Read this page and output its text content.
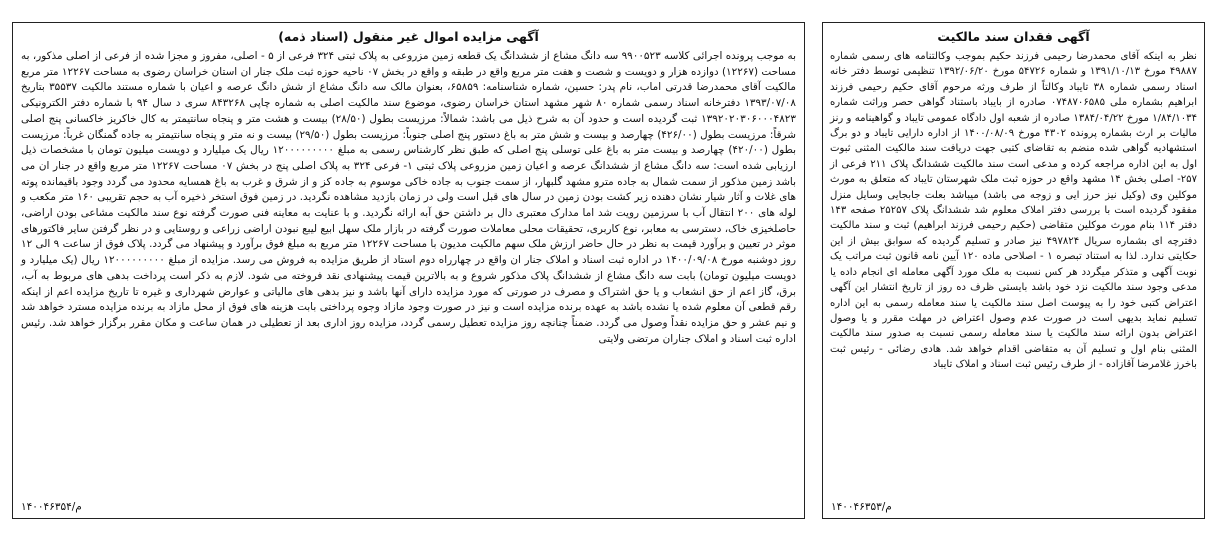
آگهی مزایده اموال غیر منقول (اسناد ذمه)

به موجب پرونده اجرائی کلاسه ۹۹۰۰۵۲۳ سه دانگ مشاع از ششدانگ یک قطعه زمین مزروعی به پلاک ثبتی ۳۲۴ فرعی از ۵ - اصلی، مفروز و مجزا شده از فرعی از اصلی مذکور، به مساحت (۱۲۲۶۷) دوازده هزار و دویست و شصت و هفت متر مربع واقع در طبقه و واقع در بخش ۰۷ ناحیه حوزه ثبت ملک جنار ان استان خراسان رضوی به مساحت ۱۲۲۶۷ متر مربع مالکیت آقای محمدرضا قدرتی اماب، نام پدر: حسین، شماره شناسنامه: ۶۵۸۵۹، بعنوان مالک سه دانگ مشاع از شش دانگ عرصه و اعیان با شماره مستند مالکیت ۳۵۵۳۷ بتاریخ ۱۳۹۳/۰۷/۰۸ دفترخانه اسناد رسمی شماره ۸۰ شهر مشهد استان خراسان رضوی، موضوع سند مالکیت اصلی به شماره چاپی ۸۴۳۲۶۸ سری د سال ۹۴ با شماره دفتر الکترونیکی ۱۳۹۲۰۲۰۳۰۶۰۰۰۴۸۲۳ ثبت گردیده است و حدود آن به شرح ذیل می باشد: شمالاً: مرزیست بطول (۲۸/۵۰) بیست و هشت متر و پنجاه سانتیمتر به کال خاکریز خاکسانی پنج اصلی شرقاً: مرزیست بطول (۴۲۶/۰۰) چهارصد و بیست و شش متر به باغ دستور پنج اصلی جنوباً: مرزیست بطول (۲۹/۵۰) بیست و نه متر و پنجاه سانتیمتر به جاده گمنگان غرباً: مرزیست بطول (۴۲۰/۰۰) چهارصد و بیست متر به باغ علی توسلی پنج اصلی که طبق نظر کارشناس رسمی به مبلغ ۱۲۰۰۰۰۰۰۰۰۰ ریال یک میلیارد و دویست میلیون تومان با مشخصات ذیل ارزیابی شده است: سه دانگ مشاع از ششدانگ عرصه و اعیان زمین مزروعی پلاک ثبتی ۱- فرعی ۳۲۴ به پلاک اصلی پنج در بخش ۰۷ مساحت ۱۲۲۶۷ متر مربع واقع در جنار ان می باشد زمین مذکور از سمت شمال به جاده مترو مشهد گلبهار، از سمت جنوب به جاده خاکی موسوم به جاده کز و از شرق و غرب به باغ همسایه محدود می گردد وجود باقیمانده پوته های غلات و آثار شیار نشان دهنده زیر کشت بودن زمین در سال های قبل است ولی در زمان بازدید مشاهده نگردید. در زمین فوق استخر ذخیره آب به حجم تقریبی ۱۶۰ متر مکعب و لوله های ۲۰۰ انتقال آب با سرزمین رویت شد اما مدارک معتبری دال بر داشتن حق آبه ارائه نگردید. و با عنایت به معاینه فنی صورت گرفته نوع سند مالکیت مشاعی بودن اراضی، حاصلخیزی خاک، دسترسی به معابر، نوع کاربری، تحقیقات محلی معاملات صورت گرفته در بازار ملک سهل ابیع لیبع نبودن اراضی زراعی و روستایی و در نظر گرفتن سایر فاکتورهای موثر در تعیین و برآورد قیمت به نظر در حال حاضر ارزش ملک سهم مالکیت مدیون با مساحت ۱۲۲۶۷ متر مربع به مبلغ فوق برآورد و پیشنهاد می گردد. پلاک فوق از ساعت ۹ الی ۱۲ روز دوشنبه مورخ ۱۴۰۰/۰۹/۰۸ در اداره ثبت اسناد و املاک جنار ان واقع در چهارراه دوم استاد از طریق مزایده به فروش می رسد. مزایده از مبلغ ۱۲۰۰۰۰۰۰۰۰۰ ریال (یک میلیارد و دویست میلیون تومان) بابت سه دانگ مشاع از ششدانگ پلاک مذکور شروع و به بالاترین قیمت پیشنهادی نقد فروخته می شود. لازم به ذکر است پرداخت بدهی های مربوط به آب، برق، گاز اعم از حق انشعاب و یا حق اشتراک و مصرف در صورتی که مورد مزایده دارای آنها باشد و نیز بدهی های مالیاتی و عوارض شهرداری و غیره تا تاریخ مزایده اعم از اینکه رقم قطعی آن معلوم شده یا نشده باشد به عهده برنده مزایده است و نیز در صورت وجود مازاد وجوه پرداختی بابت هزینه های فوق از محل مازاد به برنده مزایده مسترد خواهد شد و نیم عشر و حق مزایده نقداً وصول می گردد. ضمناً چنانچه روز مزایده تعطیل رسمی گردد، مزایده روز اداری بعد از تعطیلی در همان ساعت و مکان مقرر برگزار خواهد شد. رئیس اداره ثبت اسناد و املاک جناران مرتضی ولایتی

م/۱۴۰۰۴۶۳۵۴
آگهی فقدان سند مالکیت

نظر به اینکه آقای محمدرضا رحیمی فرزند حکیم بموجب وکالتنامه های رسمی شماره ۴۹۸۸۷ مورخ ۱۳۹۱/۱۰/۱۳ و شماره ۵۴۷۲۶ مورخ ۱۳۹۲/۰۶/۲۰ تنظیمی توسط دفتر خانه اسناد رسمی شماره ۳۸ تایباد وکالتاً از طرف ورثه مرحوم آقای حکیم رحیمی فرزند ابراهیم بشماره ملی ۰۷۴۸۷۰۶۵۸۵ صادره از بایباد باستناد گواهی حصر وراثت شماره ۱/۸۴/۱۰۳۴ مورخ ۱۳۸۴/۰۴/۲۲ صادره از شعبه اول دادگاه عمومی تایباد و گواهینامه و رنز مالیات بر ارث بشماره پرونده ۴۳۰۲ مورخ ۱۴۰۰/۰۸/۰۹ از اداره دارایی تایباد و دو برگ استشهادیه گواهی شده منضم به تقاضای کتبی جهت دریافت سند مالکیت المثنی ثبوت اول به این اداره مراجعه کرده و مدعی است سند مالکیت ششدانگ پلاک ۲۱۱ فرعی از ۲۵۷- اصلی بخش ۱۴ مشهد واقع در حوزه ثبت ملک شهرستان تایباد که متعلق به مورث موکلین وی (وکیل نیز حرز ایی و زوجه می باشد) میباشد بعلت جابجایی وسایل منزل مفقود گردیده است با بررسی دفتر املاک معلوم شد ششدانگ پلاک ۲۵۲۵۷ صفحه ۱۴۳ دفتر ۱۱۴ بنام مورث موکلین متقاضی (حکیم رحیمی فرزند ابراهیم) ثبت و سند مالکیت دفترچه ای بشماره سریال ۴۹۷۸۲۴ نیز صادر و تسلیم گردیده که سوابق بیش از این حکایتی ندارد. لذا به استناد تبصره ۱ - اصلاحی ماده ۱۲۰ آیین نامه قانون ثبت مراتب یک نوبت آگهی و متذکر میگردد هر کس نسبت به ملک مورد آگهی معامله ای انجام داده یا مدعی وجود سند مالکیت نزد خود باشد بایستی ظرف ده روز از تاریخ انتشار این آگهی اعتراض کتبی خود را به پیوست اصل سند مالکیت یا سند معامله رسمی به این اداره تسلیم نماید بدیهی است در صورت عدم وصول اعتراض در مهلت مقرر و یا وصول اعتراض بدون ارائه سند مالکیت یا سند معامله رسمی نسبت به صدور سند مالکیت المثنی بنام اول و تسلیم آن به متقاضی اقدام خواهد شد. هادی رضائی - رئیس ثبت باخرز غلامرضا آقازاده - از طرف رئیس ثبت اسناد و املاک تایباد

م/۱۴۰۰۴۶۳۵۳
